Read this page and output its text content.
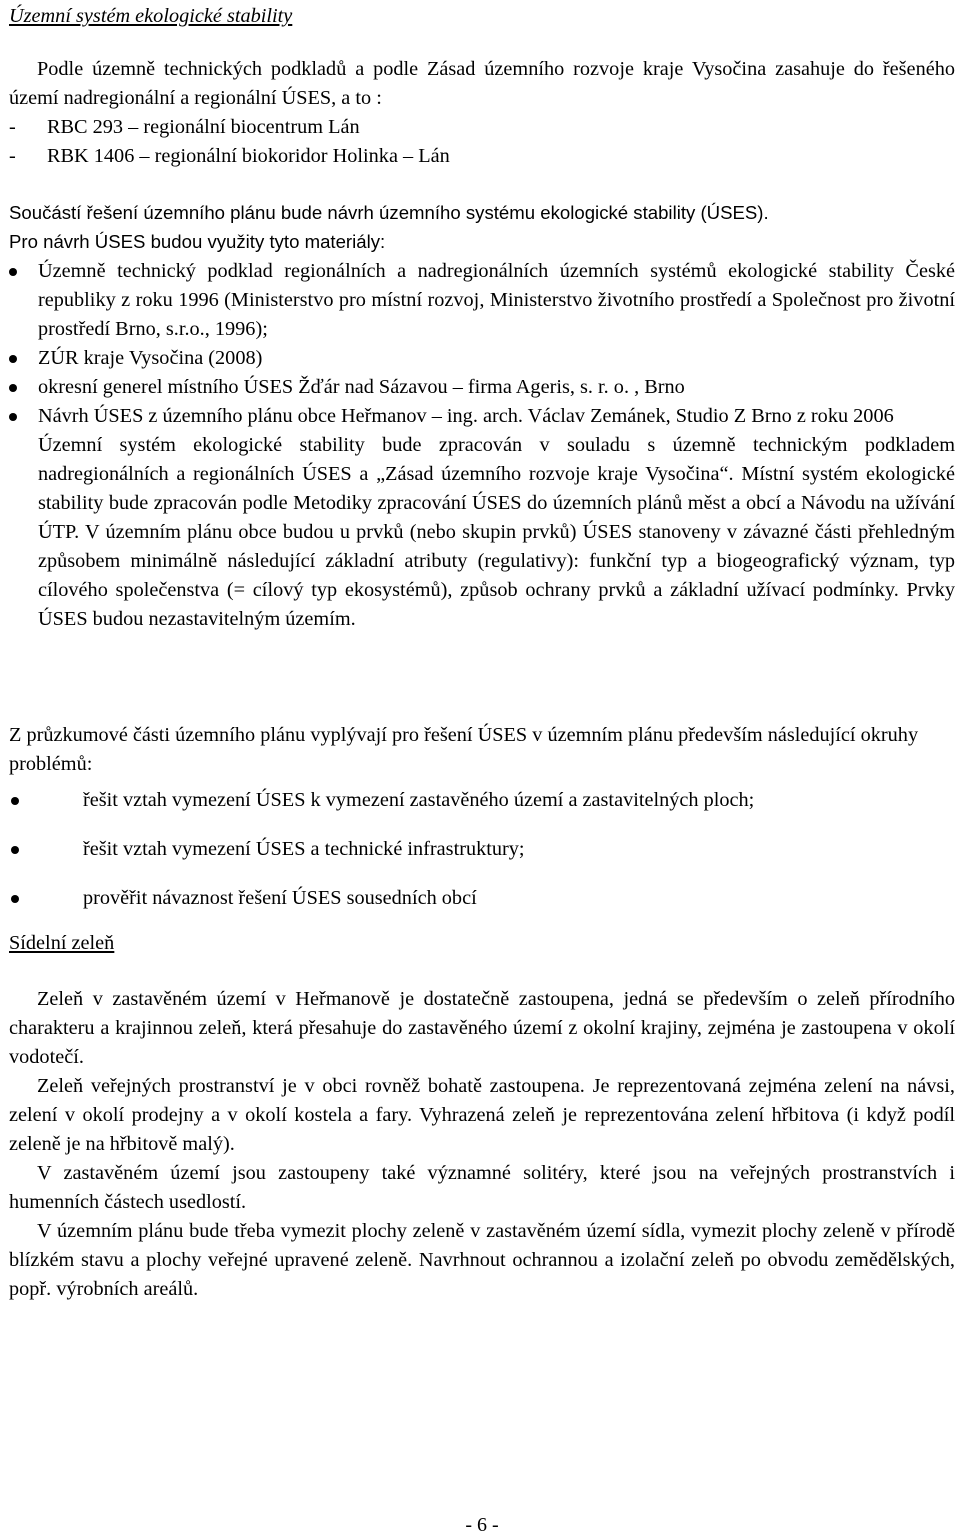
Územní systém ekologické stability
Podle územně technických podkladů a podle Zásad územního rozvoje kraje Vysočina zasahuje do řešeného území nadregionální a regionální ÚSES, a to :
- RBC 293 – regionální biocentrum Lán
- RBK 1406 – regionální biokoridor Holinka – Lán
Součástí řešení územního plánu bude návrh územního systému ekologické stability (ÚSES).
Pro návrh ÚSES budou využity tyto materiály:
Územně technický podklad regionálních a nadregionálních územních systémů ekologické stability České republiky z roku 1996 (Ministerstvo pro místní rozvoj, Ministerstvo životního prostředí a Společnost pro životní prostředí Brno, s.r.o., 1996);
ZÚR kraje Vysočina (2008)
okresní generel místního ÚSES Žďár nad Sázavou – firma Ageris, s. r. o. , Brno
Návrh ÚSES z územního plánu obce Heřmanov – ing. arch. Václav Zemánek, Studio Z Brno z roku 2006
Územní systém ekologické stability bude zpracován v souladu s územně technickým podkladem nadregionálních a regionálních ÚSES a „Zásad územního rozvoje kraje Vysočina“. Místní systém ekologické stability bude zpracován podle Metodiky zpracování ÚSES do územních plánů měst a obcí a Návodu na užívání ÚTP. V územním plánu obce budou u prvků (nebo skupin prvků) ÚSES stanoveny v závazné části přehledným způsobem minimálně následující základní atributy (regulativy): funkční typ a biogeografický význam, typ cílového společenstva (= cílový typ ekosystémů), způsob ochrany prvků a základní užívací podmínky. Prvky ÚSES budou nezastavitelným územím.
Z průzkumové části územního plánu vyplývají pro řešení ÚSES v územním plánu především následující okruhy problémů:
řešit vztah vymezení ÚSES k vymezení zastavěného území a zastavitelných ploch;
řešit vztah vymezení ÚSES a technické infrastruktury;
prověřit návaznost řešení ÚSES sousedních obcí
Sídelní zeleň
Zeleň v zastavěném území v Heřmanově je dostatečně zastoupena, jedná se především o zeleň přírodního charakteru a krajinnou zeleň, která přesahuje do zastavěného území z okolní krajiny, zejména je zastoupena v okolí vodotečí.
Zeleň veřejných prostranství je v obci rovněž bohatě zastoupena. Je reprezentovaná zejména zelení na návsi, zelení v okolí prodejny a v okolí kostela a fary. Vyhrazená zeleň je reprezentována zelení hřbitova (i když podíl zeleně je na hřbitově malý).
V zastavěném území jsou zastoupeny také významné solitéry, které jsou na veřejných prostranstvích i humenních částech usedlostí.
V územním plánu bude třeba vymezit plochy zeleně v zastavěném území sídla, vymezit plochy zeleně v přírodě blízkém stavu a plochy veřejné upravené zeleně. Navrhnout ochrannou a izolační zeleň po obvodu zemědělských, popř. výrobních areálů.
- 6 -
